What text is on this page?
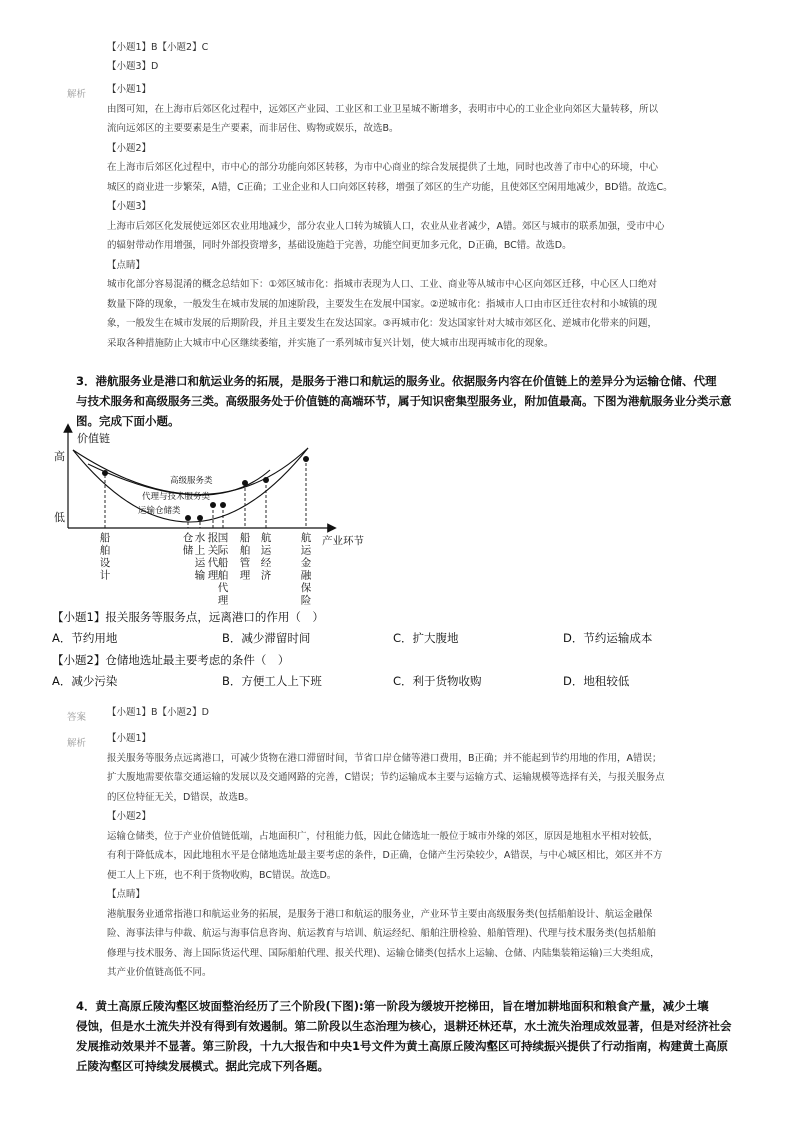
【小题1】B【小题2】C
【小题3】D
解析 【小题1】
由图可知，在上海市后郊区化过程中，远郊区产业园、工业区和工业卫星城不断增多，表明市中心的工业企业向郊区大量转移，所以
流向远郊区的主要要素是生产要素，而非居住、购物或娱乐，故选B。
【小题2】
在上海市后郊区化过程中，市中心的部分功能向郊区转移，为市中心商业的综合发展提供了土地，同时也改善了市中心的环境，中心
城区的商业进一步繁荣，A错，C正确；工业企业和人口向郊区转移，增强了郊区的生产功能，且使郊区空闲用地减少，BD错。故选C。
【小题3】
上海市后郊区化发展使远郊区农业用地减少，部分农业人口转为城镇人口，农业从业者减少，A错。郊区与城市的联系加强，受市中心
的辐射带动作用增强，同时外部投资增多，基础设施趋于完善，功能空间更加多元化，D正确，BC错。故选D。
【点睛】
城市化部分容易混淆的概念总结如下：①郊区城市化：指城市表现为人口、工业、商业等从城市中心区向郊区迁移，中心区人口绝对
数量下降的现象，一般发生在城市发展的加速阶段，主要发生在发展中国家。②逆城市化：指城市人口由市区迁往农村和小城镇的现
象，一般发生在城市发展的后期阶段，并且主要发生在发达国家。③再城市化：发达国家针对大城市郊区化、逆城市化带来的问题，
采取各种措施防止大城市中心区继续萎缩，并实施了一系列城市复兴计划，使大城市出现再城市化的现象。
3．港航服务业是港口和航运业务的拓展，是服务于港口和航运的服务业。依据服务内容在价值链上的差异分为运输仓储、代理
与技术服务和高级服务三类。高级服务处于价值链的高端环节，属于知识密集型服务业，附加值最高。下图为港航服务业分类示意
图。完成下面小题。
价值链
产业环节
高
低
高级服务类
代理与技术服务类
运输仓储类
船
舶
设
计
仓
储
水
上
运
输
报
关
代
理
国
际
船
舶
代
理
船
舶
管
理
航
运
经
济
航
运
金
融
保
险
【小题1】报关服务等服务点，远离港口的作用（　）
A．节约用地	B．减少滞留时间	C．扩大腹地	D．节约运输成本
【小题2】仓储地选址最主要考虑的条件（　）
A．减少污染	B．方便工人上下班	C．利于货物收购	D．地租较低
答案 【小题1】B【小题2】D
解析 【小题1】
报关服务等服务点远离港口，可减少货物在港口滞留时间，节省口岸仓储等港口费用，B正确；并不能起到节约用地的作用，A错误；
扩大腹地需要依靠交通运输的发展以及交通网路的完善，C错误；节约运输成本主要与运输方式、运输规模等选择有关，与报关服务点
的区位特征无关，D错误，故选B。
【小题2】
运输仓储类，位于产业价值链低端，占地面积广，付租能力低，因此仓储选址一般位于城市外缘的郊区，原因是地租水平相对较低，
有利于降低成本，因此地租水平是仓储地选址最主要考虑的条件，D正确，仓储产生污染较少，A错误，与中心城区相比，郊区并不方
便工人上下班，也不利于货物收购，BC错误。故选D。
【点睛】
港航服务业通常指港口和航运业务的拓展，是服务于港口和航运的服务业，产业环节主要由高级服务类(包括船舶设计、航运金融保
险、海事法律与仲裁、航运与海事信息咨询、航运教育与培训、航运经纪、船舶注册检验、船舶管理)、代理与技术服务类(包括船舶
修理与技术服务、海上国际货运代理、国际船舶代理、报关代理)、运输仓储类(包括水上运输、仓储、内陆集装箱运输)三大类组成，
其产业价值链高低不同。
4．黄土高原丘陵沟壑区坡面整治经历了三个阶段(下图):第一阶段为缓坡开挖梯田，旨在增加耕地面积和粮食产量，减少土壤
侵蚀，但是水土流失并没有得到有效遏制。第二阶段以生态治理为核心，退耕还林还草，水土流失治理成效显著，但是对经济社会
发展推动效果并不显著。第三阶段，十九大报告和中央1号文件为黄土高原丘陵沟壑区可持续振兴提供了行动指南，构建黄土高原
丘陵沟壑区可持续发展模式。据此完成下列各题。
